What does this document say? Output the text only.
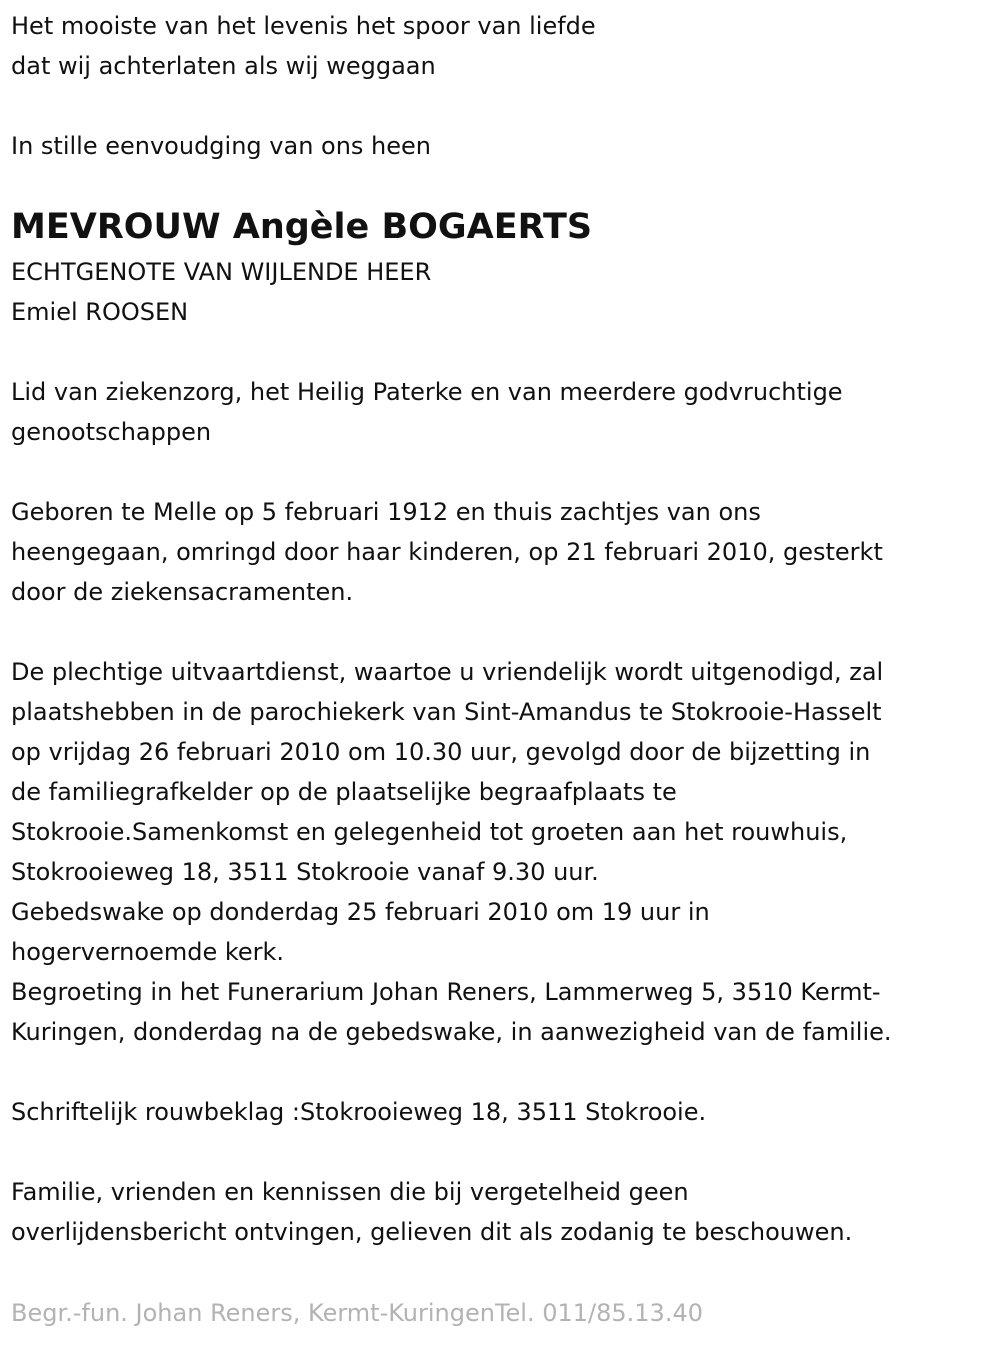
Het mooiste van het levenis het spoor van liefde

dat wij achterlaten als wij weggaan

In stille eenvoudging van ons heen

MEVROUW Angèle BOGAERTS

ECHTGENOTE VAN WIJLENDE HEER

Emiel ROOSEN

Lid van ziekenzorg, het Heilig Paterke en van meerdere godvruchtige

genootschappen

Geboren te Melle op 5 februari 1912 en thuis zachtjes van ons

heengegaan, omringd door haar kinderen, op 21 februari 2010, gesterkt

door de ziekensacramenten.

De plechtige uitvaartdienst, waartoe u vriendelijk wordt uitgenodigd, zal

plaatshebben in de parochiekerk van Sint-Amandus te Stokrooie-Hasselt

op vrijdag 26 februari 2010 om 10.30 uur, gevolgd door de bijzetting in

de familiegrafkelder op de plaatselijke begraafplaats te

Stokrooie.Samenkomst en gelegenheid tot groeten aan het rouwhuis,

Stokrooieweg 18, 3511 Stokrooie vanaf 9.30 uur.

Gebedswake op donderdag 25 februari 2010 om 19 uur in

hogervernoemde kerk.

Begroeting in het Funerarium Johan Reners, Lammerweg 5, 3510 Kermt-

Kuringen, donderdag na de gebedswake, in aanwezigheid van de familie.

Schriftelijk rouwbeklag :Stokrooieweg 18, 3511 Stokrooie.

Familie, vrienden en kennissen die bij vergetelheid geen

overlijdensbericht ontvingen, gelieven dit als zodanig te beschouwen.

Begr.-fun. Johan Reners, Kermt-KuringenTel. 011/85.13.40
